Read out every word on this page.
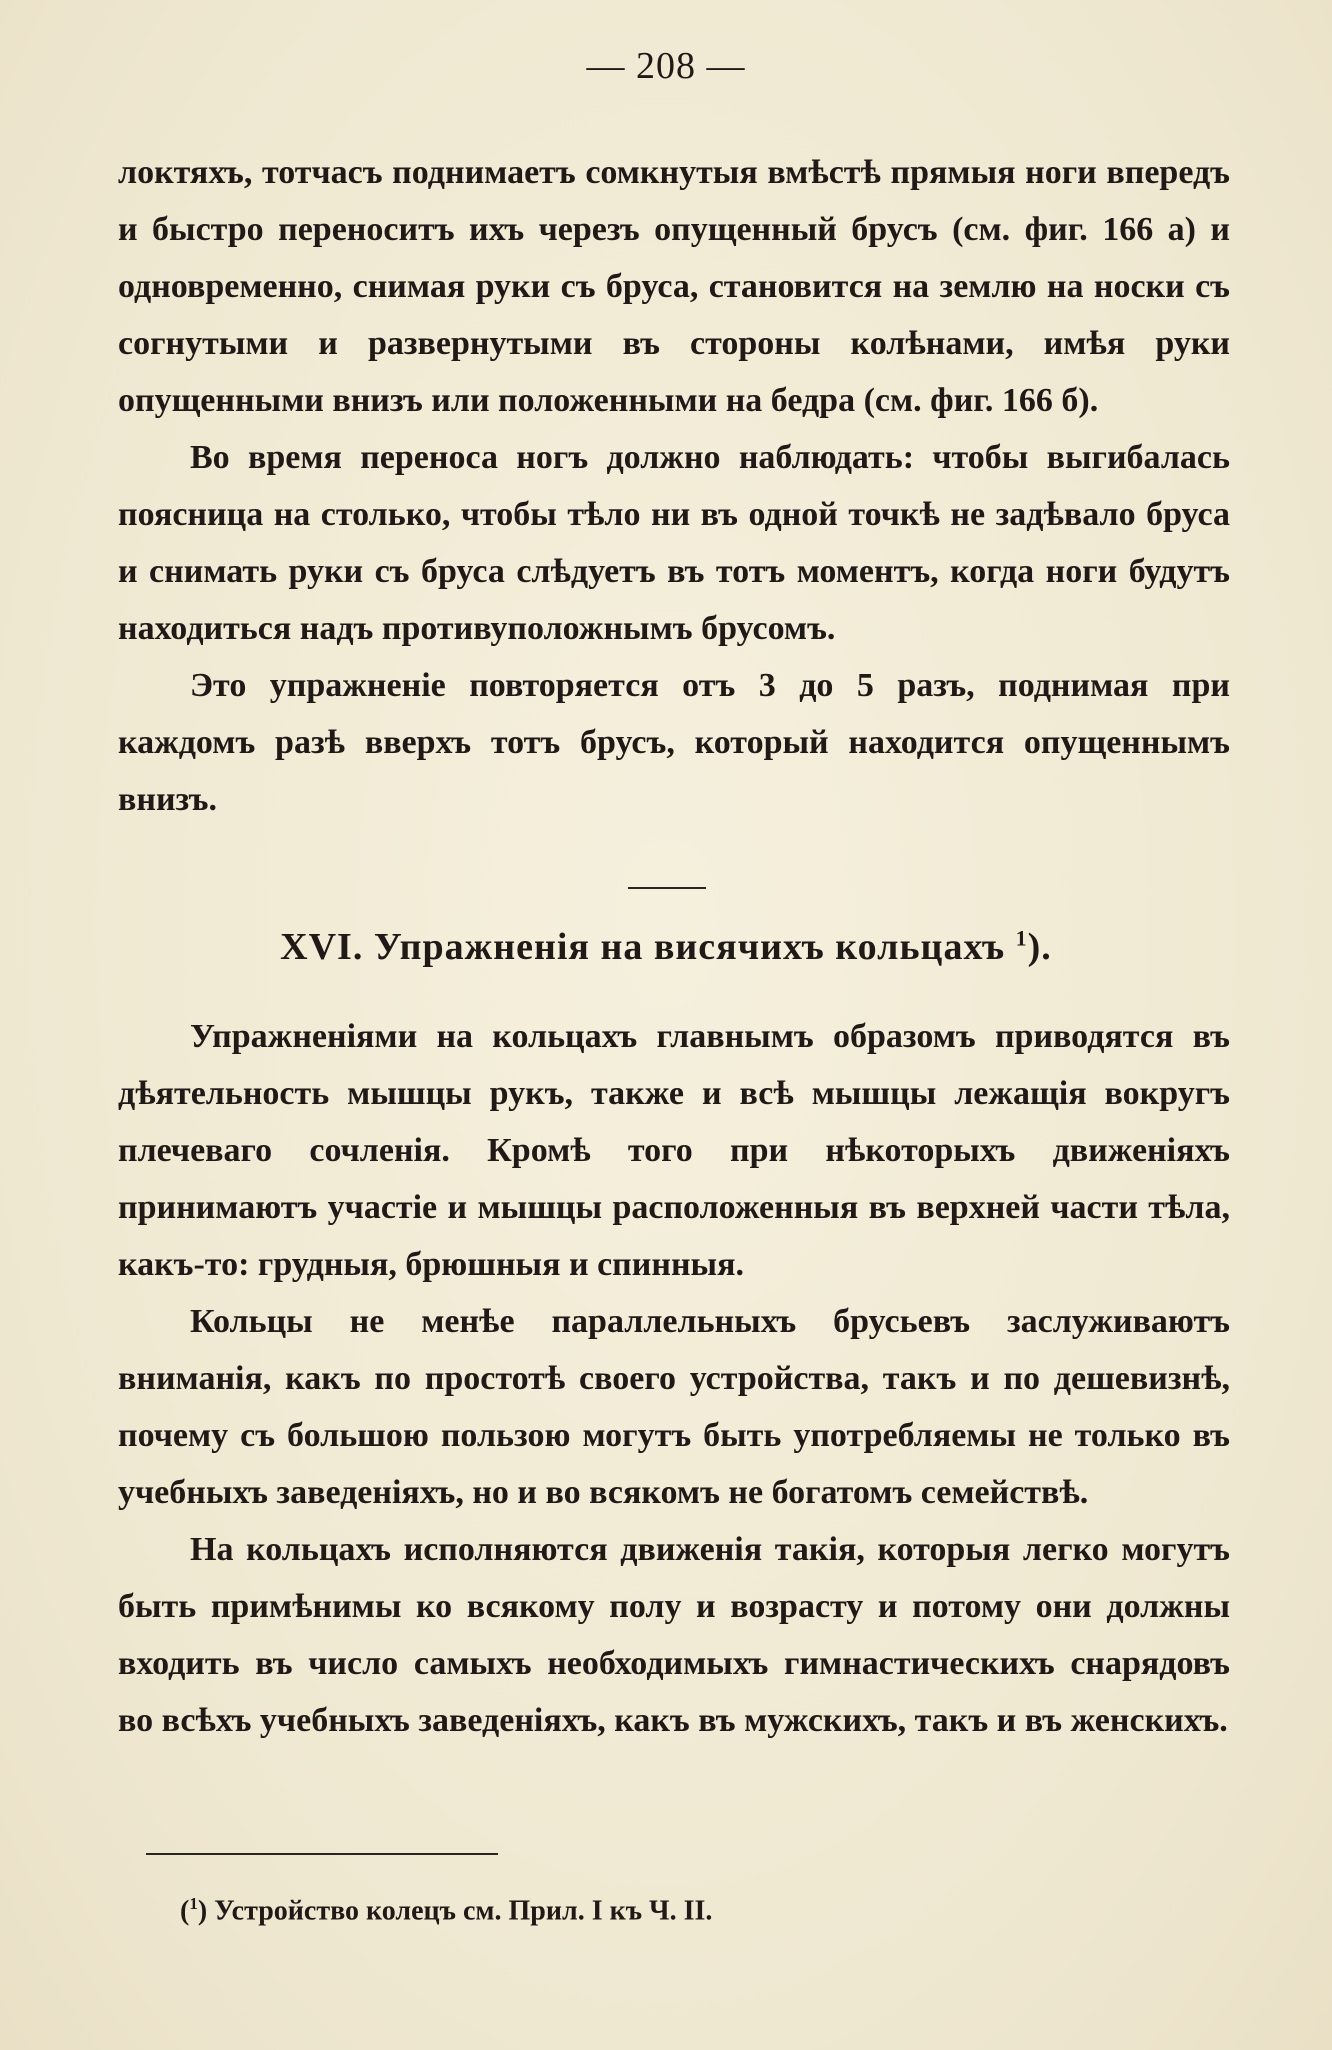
— 208 —

локтяхъ, тотчасъ поднимаетъ сомкнутыя вмѣстѣ прямыя ноги впередъ и быстро переноситъ ихъ черезъ опущенный брусъ (см. фиг. 166 а) и одновременно, снимая руки съ бруса, становится на землю на носки съ согнутыми и развернутыми въ стороны колѣнами, имѣя руки опущенными внизъ или положенными на бедра (см. фиг. 166 б).

Во время переноса ногъ должно наблюдать: чтобы выгибалась поясница на столько, чтобы тѣло ни въ одной точкѣ не задѣвало бруса и снимать руки съ бруса слѣдуетъ въ тотъ моментъ, когда ноги будутъ находиться надъ противуположнымъ брусомъ.

Это упражненіе повторяется отъ 3 до 5 разъ, поднимая при каждомъ разѣ вверхъ тотъ брусъ, который находится опущеннымъ внизъ.

XVI. Упражненія на висячихъ кольцахъ $^1$).

Упражненіями на кольцахъ главнымъ образомъ приводятся въ дѣятельность мышцы рукъ, также и всѣ мышцы лежащія вокругъ плечеваго сочленія. Кромѣ того при нѣкоторыхъ движеніяхъ принимаютъ участіе и мышцы расположенныя въ верхней части тѣла, какъ-то: грудныя, брюшныя и спинныя.

Кольцы не менѣе параллельныхъ брусьевъ заслуживаютъ вниманія, какъ по простотѣ своего устройства, такъ и по дешевизнѣ, почему съ большою пользою могутъ быть употребляемы не только въ учебныхъ заведеніяхъ, но и во всякомъ не богатомъ семействѣ.

На кольцахъ исполняются движенія такія, которыя легко могутъ быть примѣнимы ко всякому полу и возрасту и потому они должны входить въ число самыхъ необходимыхъ гимнастическихъ снарядовъ во всѣхъ учебныхъ заведеніяхъ, какъ въ мужскихъ, такъ и въ женскихъ.

($^1$) Устройство колецъ см. Прил. I къ Ч. II.
